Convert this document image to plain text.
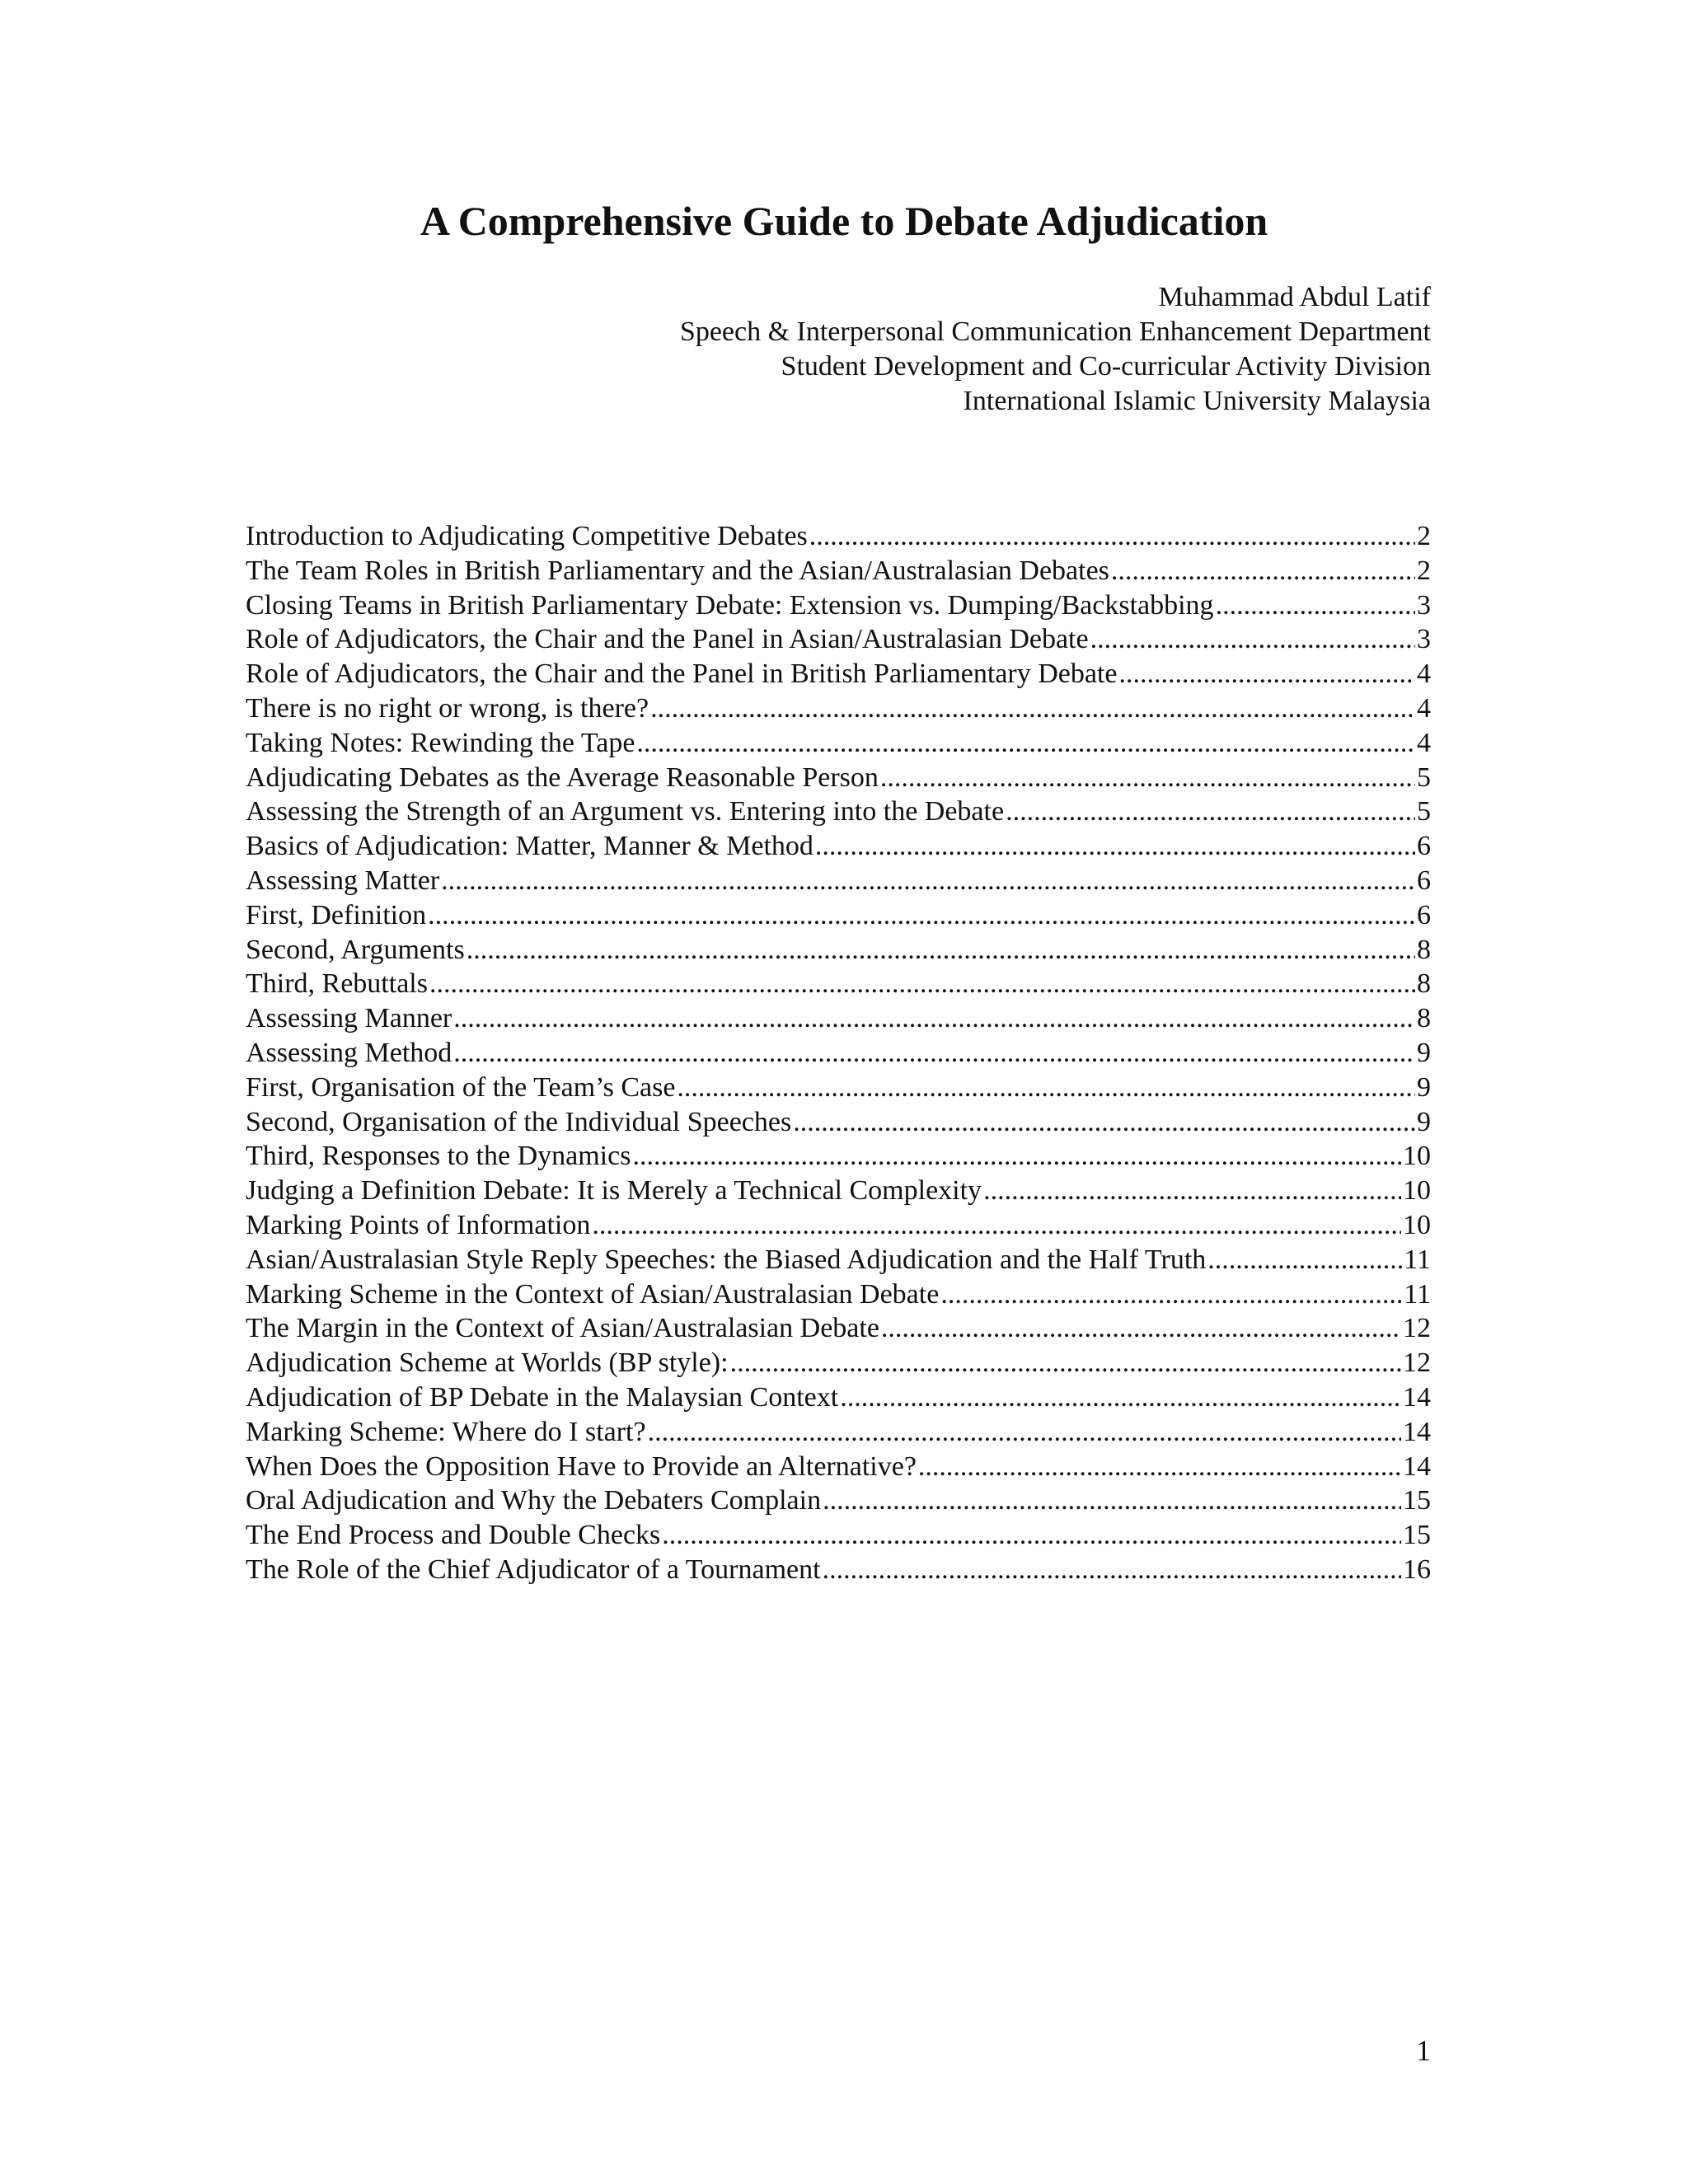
A Comprehensive Guide to Debate Adjudication
Muhammad Abdul Latif
Speech & Interpersonal Communication Enhancement Department
Student Development and Co-curricular Activity Division
International Islamic University Malaysia
Introduction to Adjudicating Competitive Debates .....	2
The Team Roles in British Parliamentary and the Asian/Australasian Debates .....	2
Closing Teams in British Parliamentary Debate: Extension vs. Dumping/Backstabbing .....	3
Role of Adjudicators, the Chair and the Panel in Asian/Australasian Debate .....	3
Role of Adjudicators, the Chair and the Panel in British Parliamentary Debate .....	4
There is no right or wrong, is there? .....	4
Taking Notes: Rewinding the Tape .....	4
Adjudicating Debates as the Average Reasonable Person .....	5
Assessing the Strength of an Argument vs. Entering into the Debate .....	5
Basics of Adjudication: Matter, Manner & Method .....	6
Assessing Matter .....	6
First, Definition .....	6
Second, Arguments .....	8
Third, Rebuttals .....	8
Assessing Manner .....	8
Assessing Method .....	9
First, Organisation of the Team’s Case .....	9
Second, Organisation of the Individual Speeches .....	9
Third, Responses to the Dynamics .....	10
Judging a Definition Debate: It is Merely a Technical Complexity .....	10
Marking Points of Information .....	10
Asian/Australasian Style Reply Speeches: the Biased Adjudication and the Half Truth .....	11
Marking Scheme in the Context of Asian/Australasian Debate .....	11
The Margin in the Context of Asian/Australasian Debate .....	12
Adjudication Scheme at Worlds (BP style): .....	12
Adjudication of BP Debate in the Malaysian Context .....	14
Marking Scheme: Where do I start? .....	14
When Does the Opposition Have to Provide an Alternative? .....	14
Oral Adjudication and Why the Debaters Complain .....	15
The End Process and Double Checks .....	15
The Role of the Chief Adjudicator of a Tournament .....	16
1
